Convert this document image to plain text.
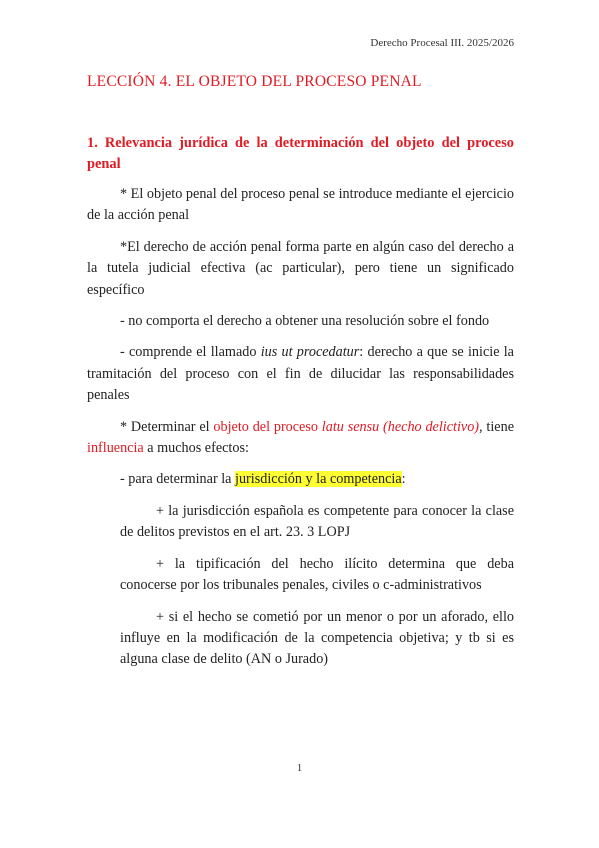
Derecho Procesal III. 2025/2026
LECCIÓN 4. EL OBJETO DEL PROCESO PENAL

1. Relevancia jurídica de la determinación del objeto del proceso penal

* El objeto penal del proceso penal se introduce mediante el ejercicio de la acción penal

*El derecho de acción penal forma parte en algún caso del derecho a la tutela judicial efectiva (ac particular), pero tiene un significado específico

- no comporta el derecho a obtener una resolución sobre el fondo

- comprende el llamado ius ut procedatur: derecho a que se inicie la tramitación del proceso con el fin de dilucidar las responsabilidades penales

* Determinar el objeto del proceso latu sensu (hecho delictivo), tiene influencia a muchos efectos:

- para determinar la jurisdicción y la competencia:

+ la jurisdicción española es competente para conocer la clase de delitos previstos en el art. 23. 3 LOPJ

+ la tipificación del hecho ilícito determina que deba conocerse por los tribunales penales, civiles o c-administrativos

+ si el hecho se cometió por un menor o por un aforado, ello influye en la modificación de la competencia objetiva; y tb si es alguna clase de delito (AN o Jurado)

1
